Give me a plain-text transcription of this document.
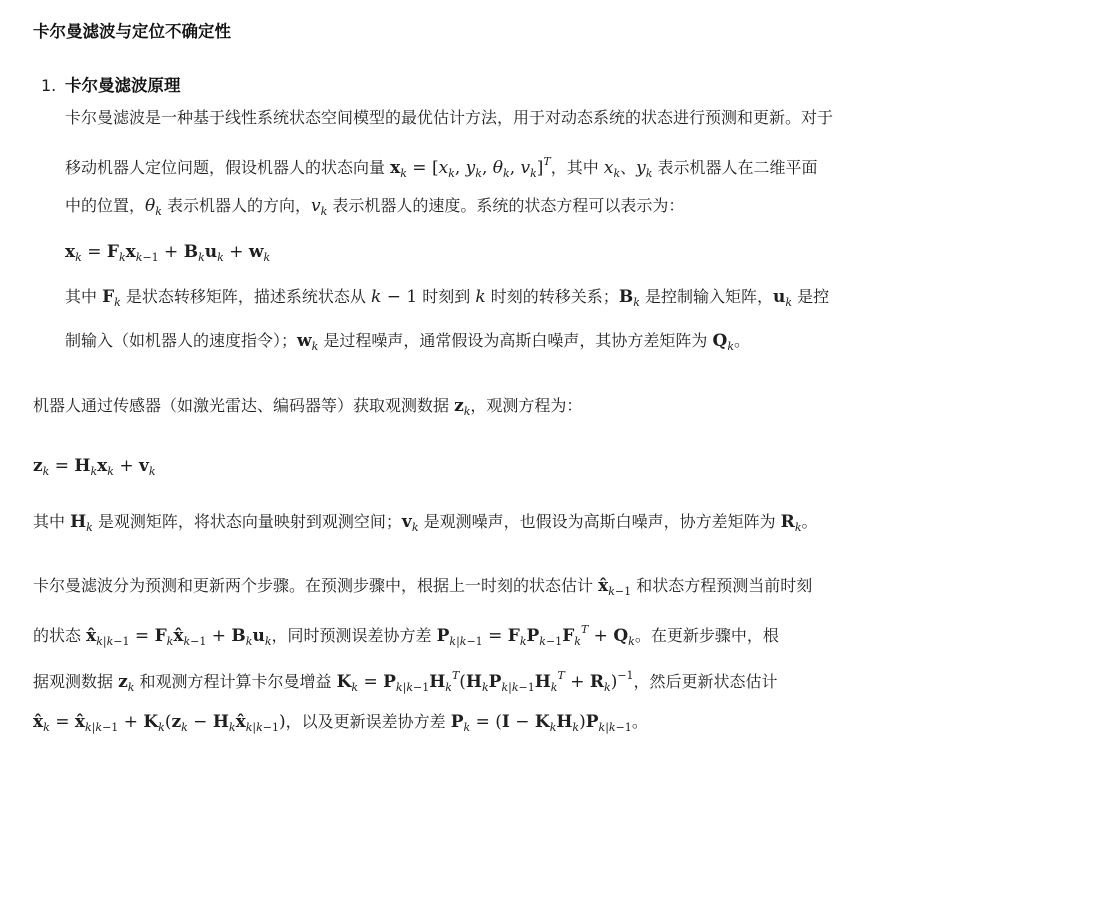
卡尔曼滤波与定位不确定性
1. 卡尔曼滤波原理
卡尔曼滤波是一种基于线性系统状态空间模型的最优估计方法，用于对动态系统的状态进行预测和更新。对于
移动机器人定位问题，假设机器人的状态向量 $x_k = [x_k$, $y_k$, $\theta_k$, $v_k]^T$，其中 $x_k$、$y_k$ 表示机器人在二维平面
中的位置，$\theta_k$ 表示机器人的方向，$v_k$ 表示机器人的速度。系统的状态方程可以表示为：
$x_k = F_kx_{k-1} + B_ku_k + w_k$
其中 $F_k$ 是状态转移矩阵，描述系统状态从 k − 1 时刻到 k 时刻的转移关系；$B_k$ 是控制输入矩阵，$u_k$ 是控
制输入（如机器人的速度指令）；$w_k$ 是过程噪声，通常假设为高斯白噪声，其协方差矩阵为 $Q_k$。
机器人通过传感器（如激光雷达、编码器等）获取观测数据 $z_k$，观测方程为：
$z_k = H_kx_k + v_k$
其中 $H_k$ 是观测矩阵，将状态向量映射到观测空间；$v_k$ 是观测噪声，也假设为高斯白噪声，协方差矩阵为 $R_k$。
卡尔曼滤波分为预测和更新两个步骤。在预测步骤中，根据上一时刻的状态估计 $x̂_{k-1}$ 和状态方程预测当前时刻
的状态 $x̂_{k|k-1}$ = $F_kx̂_{k-1} + B_ku_k$，同时预测误差协方差 $P_{k|k-1} = F_kP_{k-1}F_k^T + Q_k$。在更新步骤中，根
据观测数据 $z_k$ 和观测方程计算卡尔曼增益 $K_k = P_{k|k-1}H_k^T(H_kP_{k|k-1}H_k^T + R_k)^{-1}$，然后更新状态估计
$x̂_k$ = $x̂_{k|k-1} + K_k(z_k$ − $H_kx̂_{k|k-1}$)，以及更新误差协方差 $P_k = (I - K_kH_k)P_{k|k-1}$。
